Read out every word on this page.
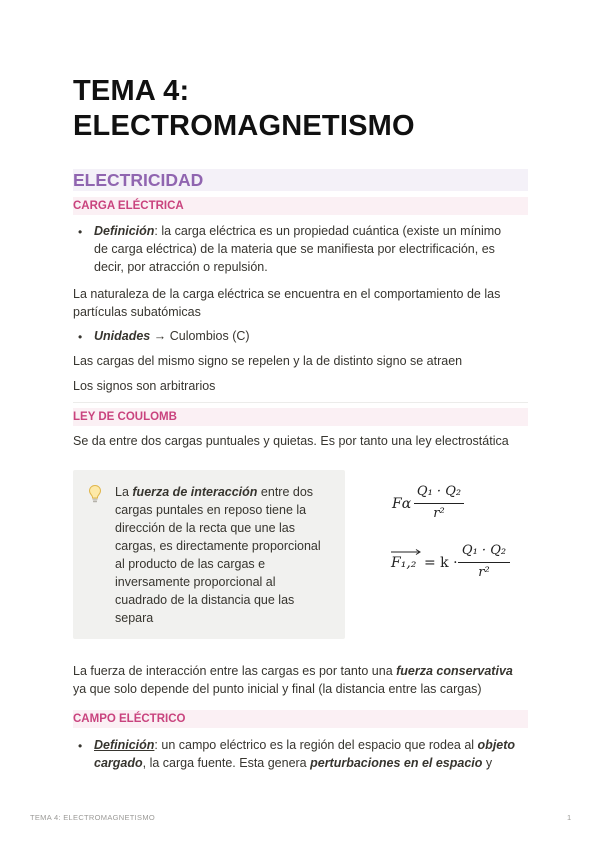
TEMA 4:
ELECTROMAGNETISMO
ELECTRICIDAD
CARGA ELÉCTRICA
• Definición: la carga eléctrica es un propiedad cuántica (existe un mínimo
de carga eléctrica) de la materia que se manifiesta por electrificación, es
decir, por atracción o repulsión.
La naturaleza de la carga eléctrica se encuentra en el comportamiento de las
partículas subatómicas
• Unidades → Culombios (C)
Las cargas del mismo signo se repelen y la de distinto signo se atraen
Los signos son arbitrarios
LEY DE COULOMB
Se da entre dos cargas puntuales y quietas. Es por tanto una ley electrostática
La fuerza de interacción entre dos
cargas puntales en reposo tiene la
dirección de la recta que une las
cargas, es directamente proporcional
al producto de las cargas e
inversamente proporcional al
cuadrado de la distancia que las
separa
Fα
Q₁ · Q₂
r²
F₁,₂ = k ·
Q₁ · Q₂
r²
La fuerza de interacción entre las cargas es por tanto una fuerza conservativa
ya que solo depende del punto inicial y final (la distancia entre las cargas)
CAMPO ELÉCTRICO
• Definición: un campo eléctrico es la región del espacio que rodea al objeto
cargado, la carga fuente. Esta genera perturbaciones en el espacio y
TEMA 4: ELECTROMAGNETISMO	1
